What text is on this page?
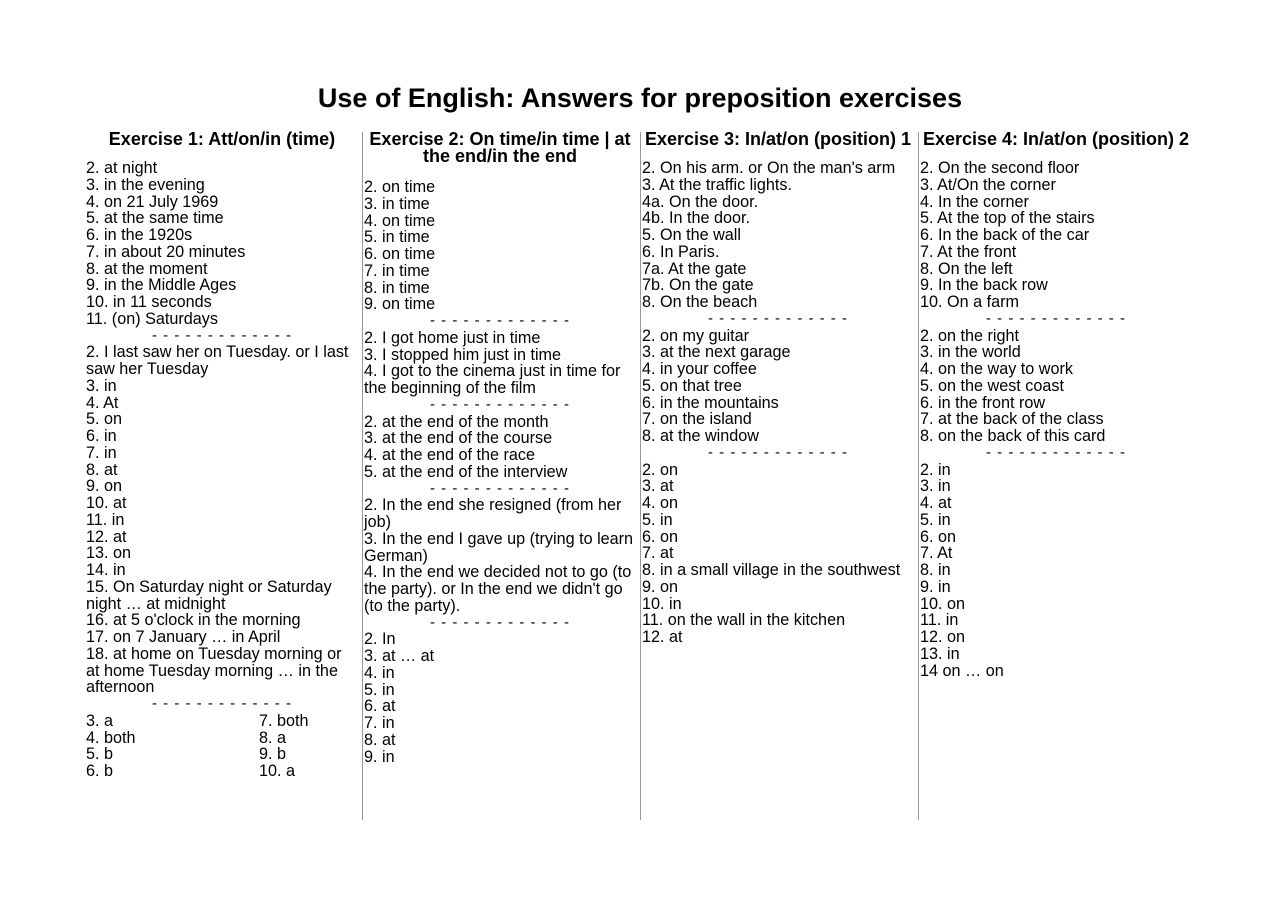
Use of English: Answers for preposition exercises
Exercise 1: Att/on/in (time)
2. at night
3. in the evening
4. on 21 July 1969
5. at the same time
6. in the 1920s
7. in about 20 minutes
8. at the moment
9. in the Middle Ages
10. in 11 seconds
11. (on) Saturdays
- - - - - - - - - - - - -
2. I last saw her on Tuesday. or I last saw her Tuesday
3. in
4. At
5. on
6. in
7. in
8. at
9. on
10. at
11. in
12. at
13. on
14. in
15. On Saturday night or Saturday night … at midnight
16. at 5 o'clock in the morning
17. on 7 January … in April
18. at home on Tuesday morning or at home Tuesday morning … in the afternoon
- - - - - - - - - - - - -
3. a
4. both
5. b
6. b
7. both
8. a
9. b
10. a
Exercise 2: On time/in time | at the end/in the end
2. on time
3. in time
4. on time
5. in time
6. on time
7. in time
8. in time
9. on time
- - - - - - - - - - - - -
2. I got home just in time
3. I stopped him just in time
4. I got to the cinema just in time for the beginning of the film
- - - - - - - - - - - - -
2. at the end of the month
3. at the end of the course
4. at the end of the race
5. at the end of the interview
- - - - - - - - - - - - -
2. In the end she resigned (from her job)
3. In the end I gave up (trying to learn German)
4. In the end we decided not to go (to the party). or In the end we didn't go (to the party).
- - - - - - - - - - - - -
2. In
3. at … at
4. in
5. in
6. at
7. in
8. at
9. in
Exercise 3: In/at/on (position) 1
2. On his arm. or On the man's arm
3. At the traffic lights.
4a. On the door.
4b. In the door.
5. On the wall
6. In Paris.
7a. At the gate
7b. On the gate
8. On the beach
- - - - - - - - - - - - -
2. on my guitar
3. at the next garage
4. in your coffee
5. on that tree
6. in the mountains
7. on the island
8. at the window
- - - - - - - - - - - - -
2. on
3. at
4. on
5. in
6. on
7. at
8. in a small village in the southwest
9. on
10. in
11. on the wall in the kitchen
12. at
Exercise 4: In/at/on (position) 2
2. On the second floor
3. At/On the corner
4. In the corner
5. At the top of the stairs
6. In the back of the car
7. At the front
8. On the left
9. In the back row
10. On a farm
- - - - - - - - - - - - -
2. on the right
3. in the world
4. on the way to work
5. on the west coast
6. in the front row
7. at the back of the class
8. on the back of this card
- - - - - - - - - - - - -
2. in
3. in
4. at
5. in
6. on
7. At
8. in
9. in
10. on
11. in
12. on
13. in
14 on … on
